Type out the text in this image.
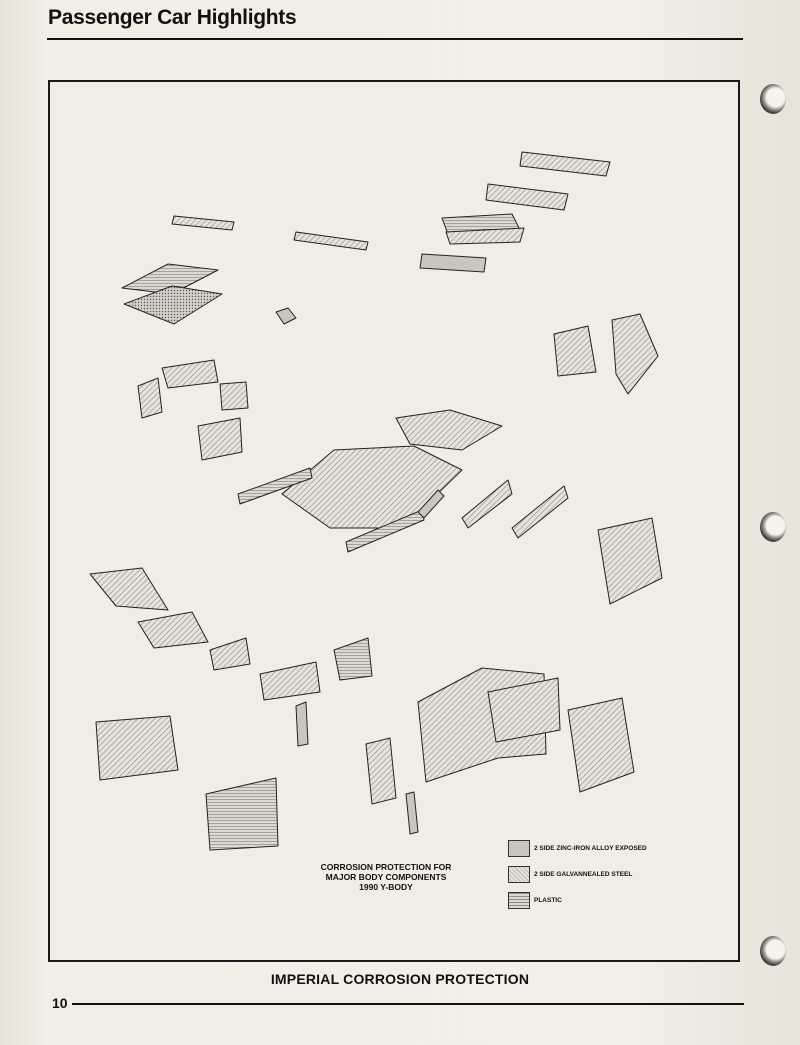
Passenger Car Highlights
CORROSION PROTECTION FOR
MAJOR BODY COMPONENTS
1990 Y-BODY
2 SIDE ZINC-IRON ALLOY EXPOSED
2 SIDE GALVANNEALED STEEL
PLASTIC
IMPERIAL CORROSION PROTECTION
10
